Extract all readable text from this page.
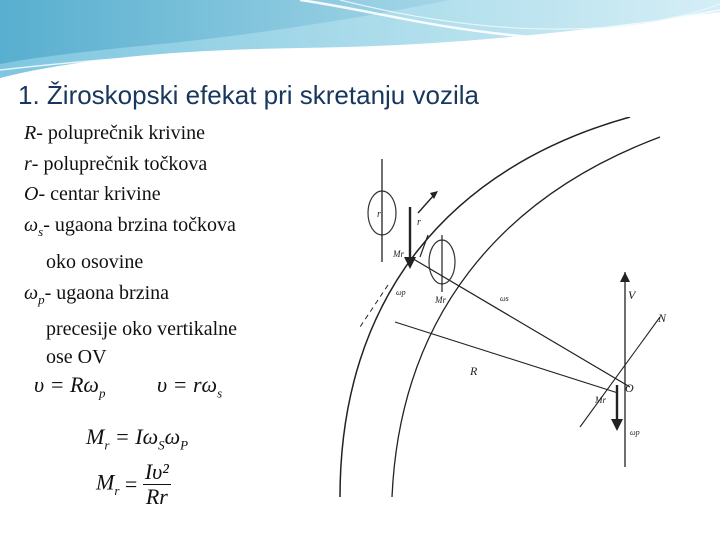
1. Žiroskopski efekat pri skretanju vozila
R- poluprečnik krivine
r- poluprečnik točkova
O- centar krivine
$\omega_s-$ ugaona brzina točkova
oko osovine
$\omega_p-$ ugaona brzina
precesije oko vertikalne
ose OV
$\upsilon = R\omega_p$ $\upsilon = r\omega_s$
$M_r = I\omega_S\omega_P$
$M_r = \frac{\text{Iυ²}}{Rr}$
r
r
Mr
Mr
ωp
ωs	V
N
R
O
Mr
ωp
